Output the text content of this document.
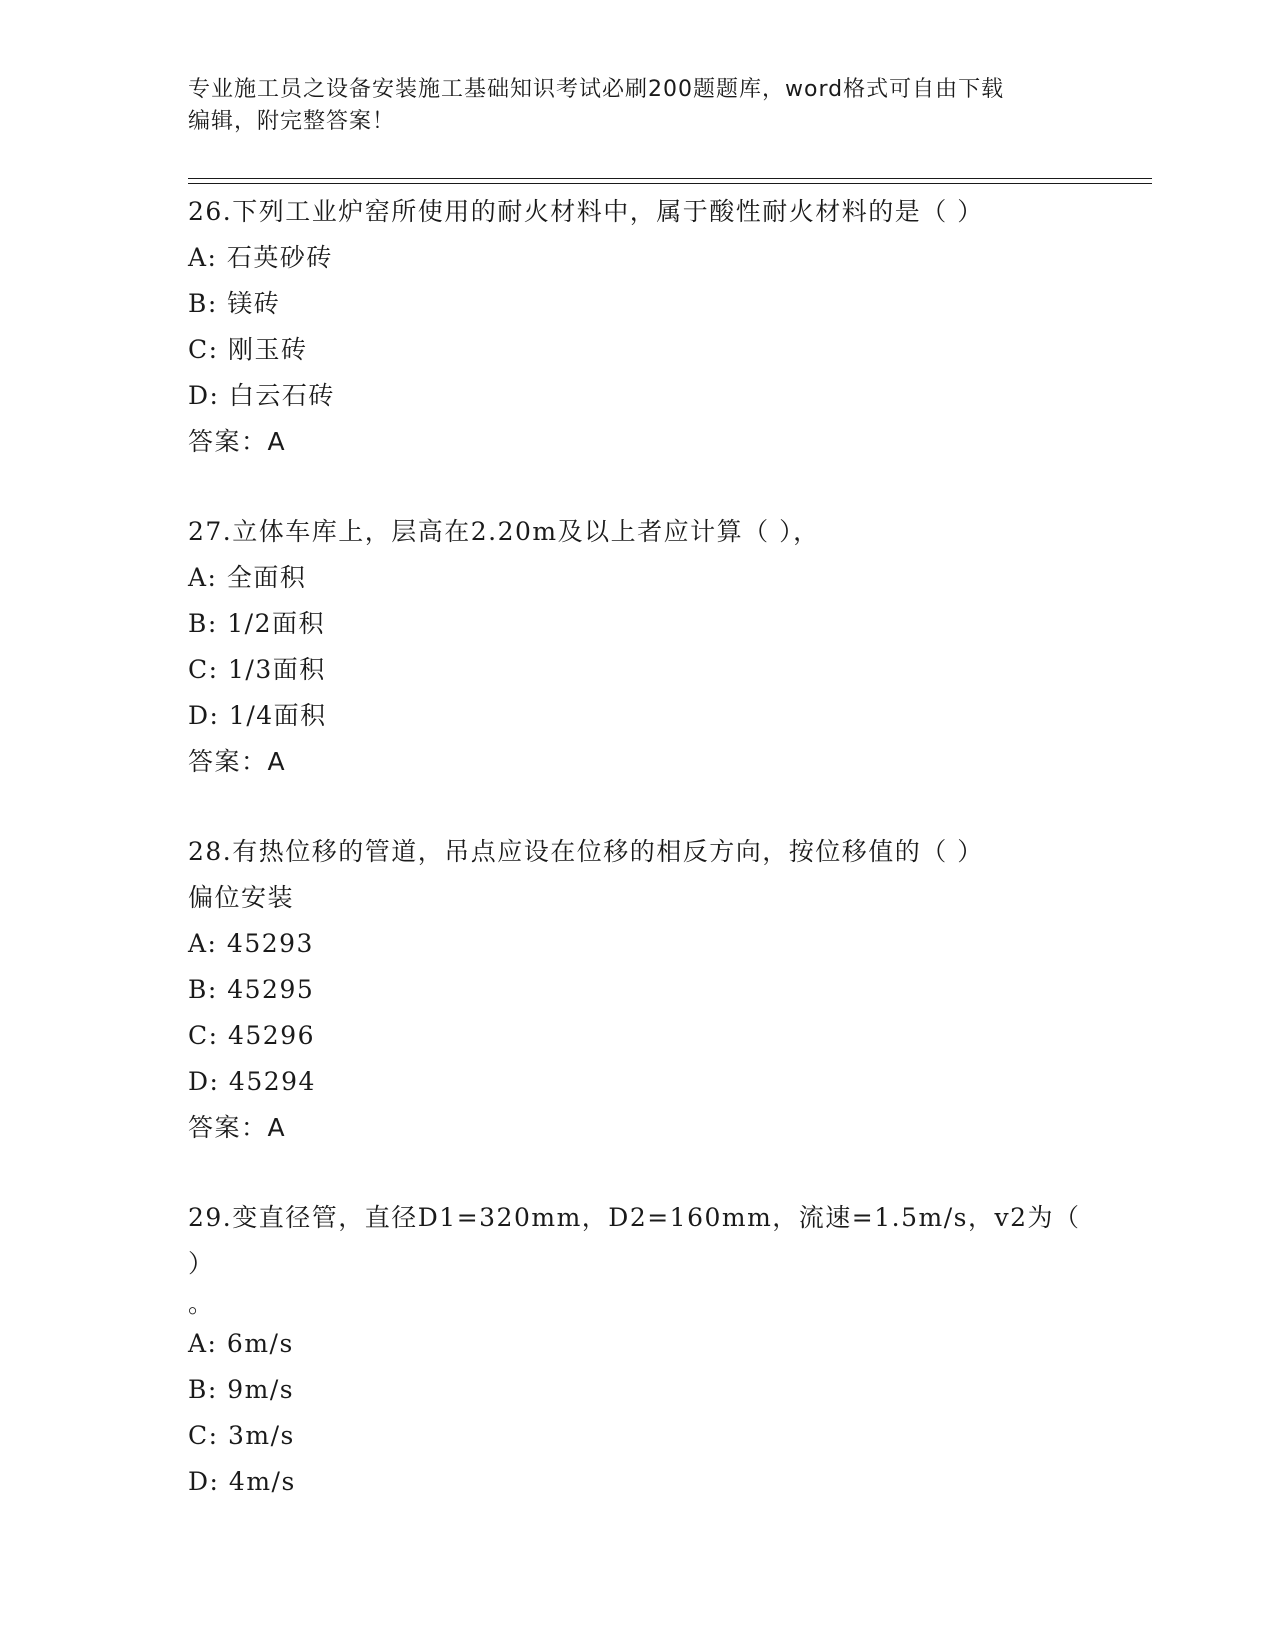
专业施工员之设备安装施工基础知识考试必刷200题题库，word格式可自由下载
编辑，附完整答案！

26.下列工业炉窑所使用的耐火材料中，属于酸性耐火材料的是（ ）

A: 石英砂砖

B: 镁砖

C: 刚玉砖

D: 白云石砖

答案：A

27.立体车库上，层高在2.20m及以上者应计算（ ），

A: 全面积

B: 1/2面积

C: 1/3面积

D: 1/4面积

答案：A

28.有热位移的管道，吊点应设在位移的相反方向，按位移值的（ ）

偏位安装

A: 45293

B: 45295

C: 45296

D: 45294

答案：A

29.变直径管，直径D1=320mm，D2=160mm，流速=1.5m/s，v2为（ ）

。

A: 6m/s

B: 9m/s

C: 3m/s

D: 4m/s
